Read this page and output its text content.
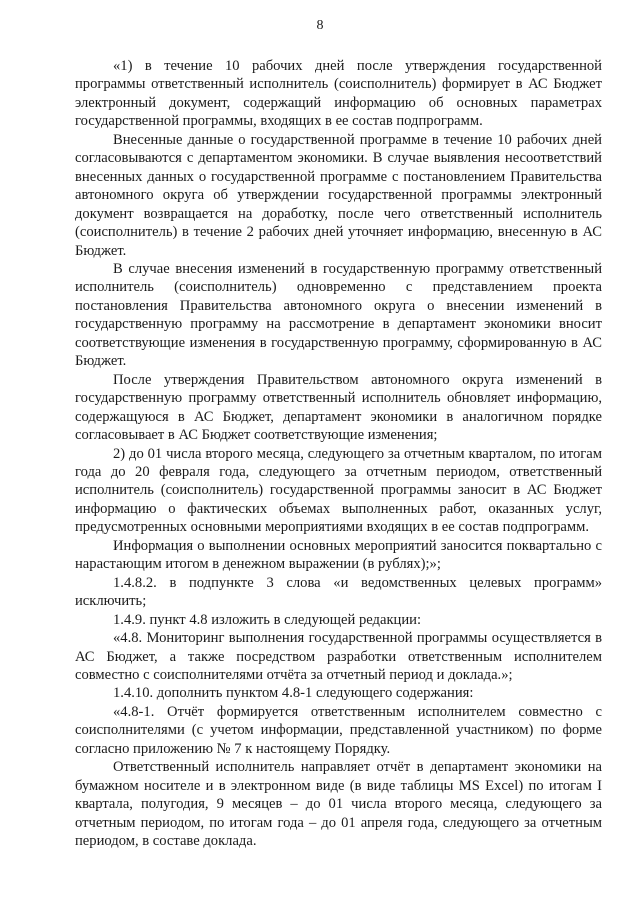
8

«1) в течение 10 рабочих дней после утверждения государственной программы ответственный исполнитель (соисполнитель) формирует в АС Бюджет электронный документ, содержащий информацию об основных параметрах государственной программы, входящих в ее состав подпрограмм.

Внесенные данные о государственной программе в течение 10 рабочих дней согласовываются с департаментом экономики. В случае выявления несоответствий внесенных данных о государственной программе с постановлением Правительства автономного округа об утверждении государственной программы электронный документ возвращается на доработку, после чего ответственный исполнитель (соисполнитель) в течение 2 рабочих дней уточняет информацию, внесенную в АС Бюджет.

В случае внесения изменений в государственную программу ответственный исполнитель (соисполнитель) одновременно с представлением проекта постановления Правительства автономного округа о внесении изменений в государственную программу на рассмотрение в департамент экономики вносит соответствующие изменения в государственную программу, сформированную в АС Бюджет.

После утверждения Правительством автономного округа изменений в государственную программу ответственный исполнитель обновляет информацию, содержащуюся в АС Бюджет, департамент экономики в аналогичном порядке согласовывает в АС Бюджет соответствующие изменения;

2) до 01 числа второго месяца, следующего за отчетным кварталом, по итогам года до 20 февраля года, следующего за отчетным периодом, ответственный исполнитель (соисполнитель) государственной программы заносит в АС Бюджет информацию о фактических объемах выполненных работ, оказанных услуг, предусмотренных основными мероприятиями входящих в ее состав подпрограмм.

Информация о выполнении основных мероприятий заносится поквартально с нарастающим итогом в денежном выражении (в рублях);»;

1.4.8.2. в подпункте 3 слова «и ведомственных целевых программ» исключить;

1.4.9. пункт 4.8 изложить в следующей редакции:

«4.8. Мониторинг выполнения государственной программы осуществляется в АС Бюджет, а также посредством разработки ответственным исполнителем совместно с соисполнителями отчёта за отчетный период и доклада.»;

1.4.10. дополнить пунктом 4.8-1 следующего содержания:

«4.8-1. Отчёт формируется ответственным исполнителем совместно с соисполнителями (с учетом информации, представленной участником) по форме согласно приложению № 7 к настоящему Порядку.

Ответственный исполнитель направляет отчёт в департамент экономики на бумажном носителе и в электронном виде (в виде таблицы MS Excel) по итогам I квартала, полугодия, 9 месяцев – до 01 числа второго месяца, следующего за отчетным периодом, по итогам года – до 01 апреля года, следующего за отчетным периодом, в составе доклада.
